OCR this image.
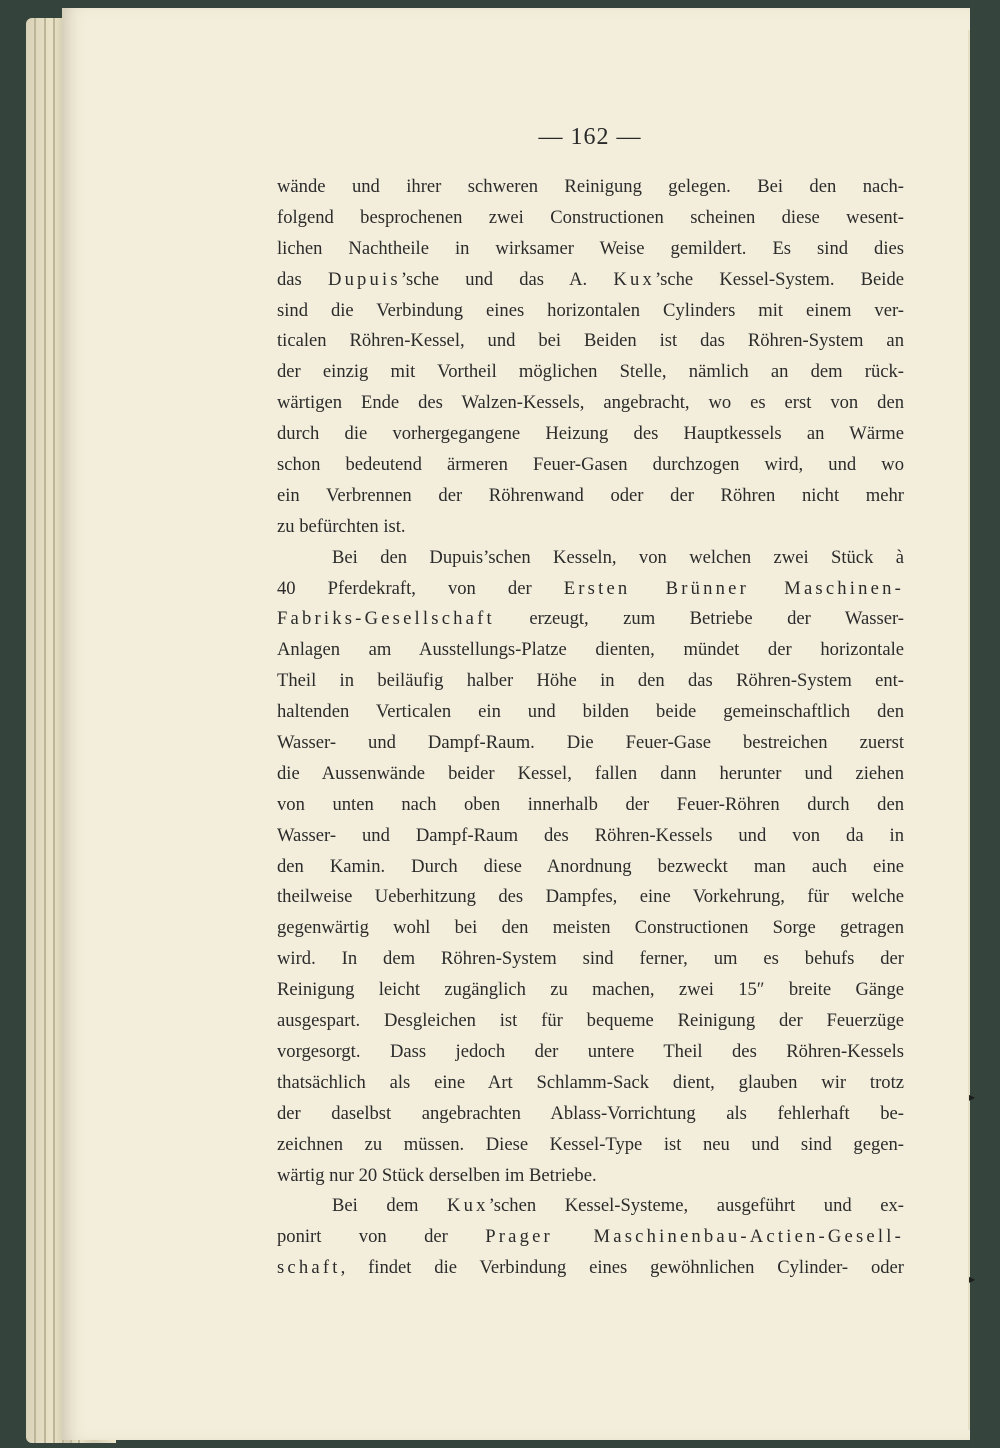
▸
▸
— 162 —
wände und ihrer schweren Reinigung gelegen. Bei den nach-
folgend besprochenen zwei Constructionen scheinen diese wesent-
lichen Nachtheile in wirksamer Weise gemildert. Es sind dies
das Dupuis’sche und das A. Kux’sche Kessel-System. Beide
sind die Verbindung eines horizontalen Cylinders mit einem ver-
ticalen Röhren-Kessel, und bei Beiden ist das Röhren-System an
der einzig mit Vortheil möglichen Stelle, nämlich an dem rück-
wärtigen Ende des Walzen-Kessels, angebracht, wo es erst von den
durch die vorhergegangene Heizung des Hauptkessels an Wärme
schon bedeutend ärmeren Feuer-Gasen durchzogen wird, und wo
ein Verbrennen der Röhrenwand oder der Röhren nicht mehr
zu befürchten ist.
Bei den Dupuis’schen Kesseln, von welchen zwei Stück à
40 Pferdekraft, von der Ersten Brünner Maschinen-
Fabriks-Gesellschaft erzeugt, zum Betriebe der Wasser-
Anlagen am Ausstellungs-Platze dienten, mündet der horizontale
Theil in beiläufig halber Höhe in den das Röhren-System ent-
haltenden Verticalen ein und bilden beide gemeinschaftlich den
Wasser- und Dampf-Raum. Die Feuer-Gase bestreichen zuerst
die Aussenwände beider Kessel, fallen dann herunter und ziehen
von unten nach oben innerhalb der Feuer-Röhren durch den
Wasser- und Dampf-Raum des Röhren-Kessels und von da in
den Kamin. Durch diese Anordnung bezweckt man auch eine
theilweise Ueberhitzung des Dampfes, eine Vorkehrung, für welche
gegenwärtig wohl bei den meisten Constructionen Sorge getragen
wird. In dem Röhren-System sind ferner, um es behufs der
Reinigung leicht zugänglich zu machen, zwei 15″ breite Gänge
ausgespart. Desgleichen ist für bequeme Reinigung der Feuerzüge
vorgesorgt. Dass jedoch der untere Theil des Röhren-Kessels
thatsächlich als eine Art Schlamm-Sack dient, glauben wir trotz
der daselbst angebrachten Ablass-Vorrichtung als fehlerhaft be-
zeichnen zu müssen. Diese Kessel-Type ist neu und sind gegen-
wärtig nur 20 Stück derselben im Betriebe.
Bei dem Kux’schen Kessel-Systeme, ausgeführt und ex-
ponirt von der Prager Maschinenbau-Actien-Gesell-
schaft, findet die Verbindung eines gewöhnlichen Cylinder- oder
